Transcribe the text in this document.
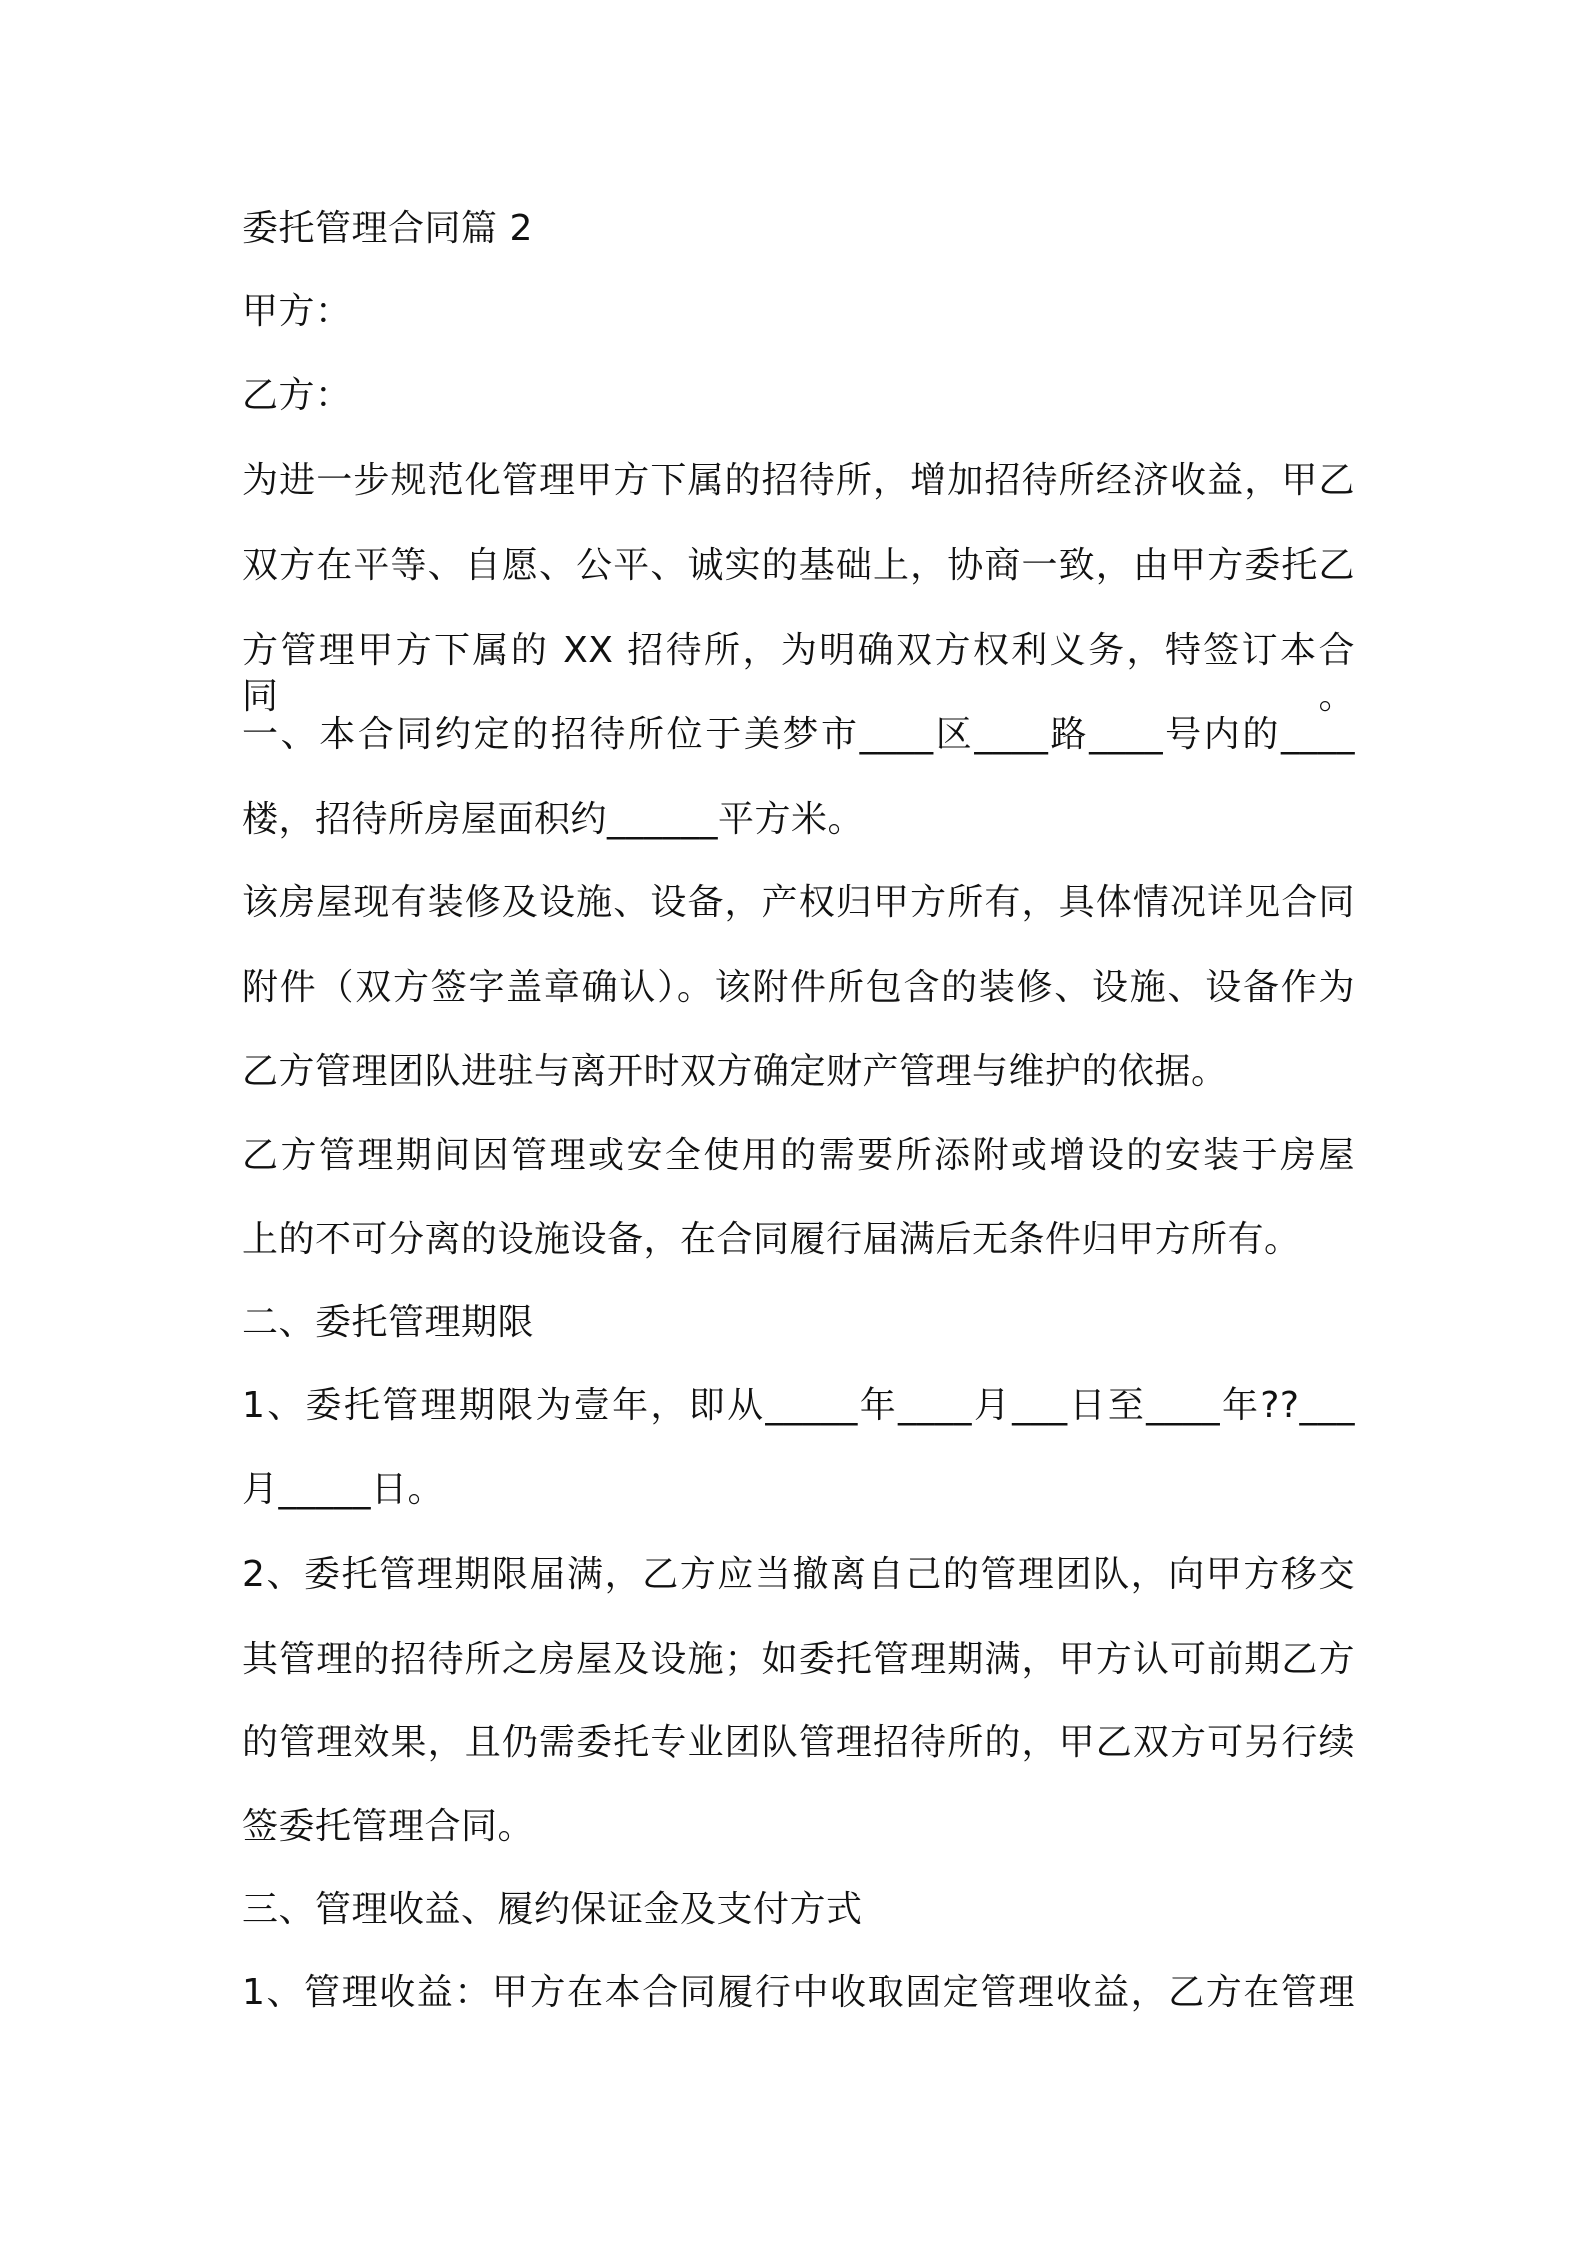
委托管理合同篇 2
甲方：
乙方：
为进一步规范化管理甲方下属的招待所，增加招待所经济收益，甲乙
双方在平等、自愿、公平、诚实的基础上，协商一致，由甲方委托乙
方管理甲方下属的 XX 招待所，为明确双方权利义务，特签订本合同。
一、本合同约定的招待所位于美梦市____区____路____号内的____
楼，招待所房屋面积约______平方米。
该房屋现有装修及设施、设备，产权归甲方所有，具体情况详见合同
附件（双方签字盖章确认）。该附件所包含的装修、设施、设备作为
乙方管理团队进驻与离开时双方确定财产管理与维护的依据。
乙方管理期间因管理或安全使用的需要所添附或增设的安装于房屋
上的不可分离的设施设备，在合同履行届满后无条件归甲方所有。
二、委托管理期限
1、委托管理期限为壹年，即从_____年____月___日至____年??___
月_____日。
2、委托管理期限届满，乙方应当撤离自己的管理团队，向甲方移交
其管理的招待所之房屋及设施；如委托管理期满，甲方认可前期乙方
的管理效果，且仍需委托专业团队管理招待所的，甲乙双方可另行续
签委托管理合同。
三、管理收益、履约保证金及支付方式
1、管理收益：甲方在本合同履行中收取固定管理收益，乙方在管理
